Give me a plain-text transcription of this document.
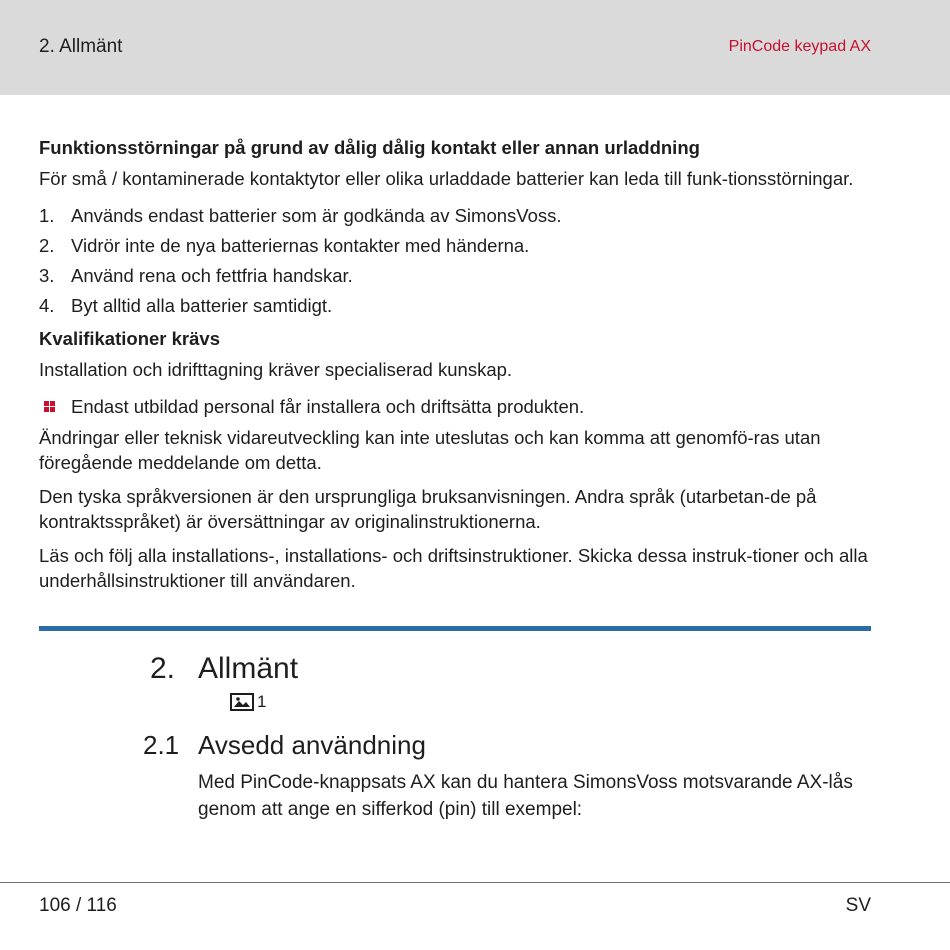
2. Allmänt	PinCode keypad AX
Funktionsstörningar på grund av dålig dålig kontakt eller annan urladdning

För små / kontaminerade kontaktytor eller olika urladdade batterier kan leda till funk-tionsstörningar.

1. Används endast batterier som är godkända av SimonsVoss.
2. Vidrör inte de nya batteriernas kontakter med händerna.
3. Använd rena och fettfria handskar.
4. Byt alltid alla batterier samtidigt.
Kvalifikationer krävs

Installation och idrifttagning kräver specialiserad kunskap.

Endast utbildad personal får installera och driftsätta produkten.

Ändringar eller teknisk vidareutveckling kan inte uteslutas och kan komma att genomfö-ras utan föregående meddelande om detta.

Den tyska språkversionen är den ursprungliga bruksanvisningen. Andra språk (utarbetan-de på kontraktsspråket) är översättningar av originalinstruktionerna.

Läs och följ alla installations-, installations- och driftsinstruktioner. Skicka dessa instruk-tioner och alla underhållsinstruktioner till användaren.

2. Allmänt
1
2.1 Avsedd användning
Med PinCode-knappsats AX kan du hantera SimonsVoss motsvarande AX-lås genom att ange en sifferkod (pin) till exempel:
106 / 116	SV
